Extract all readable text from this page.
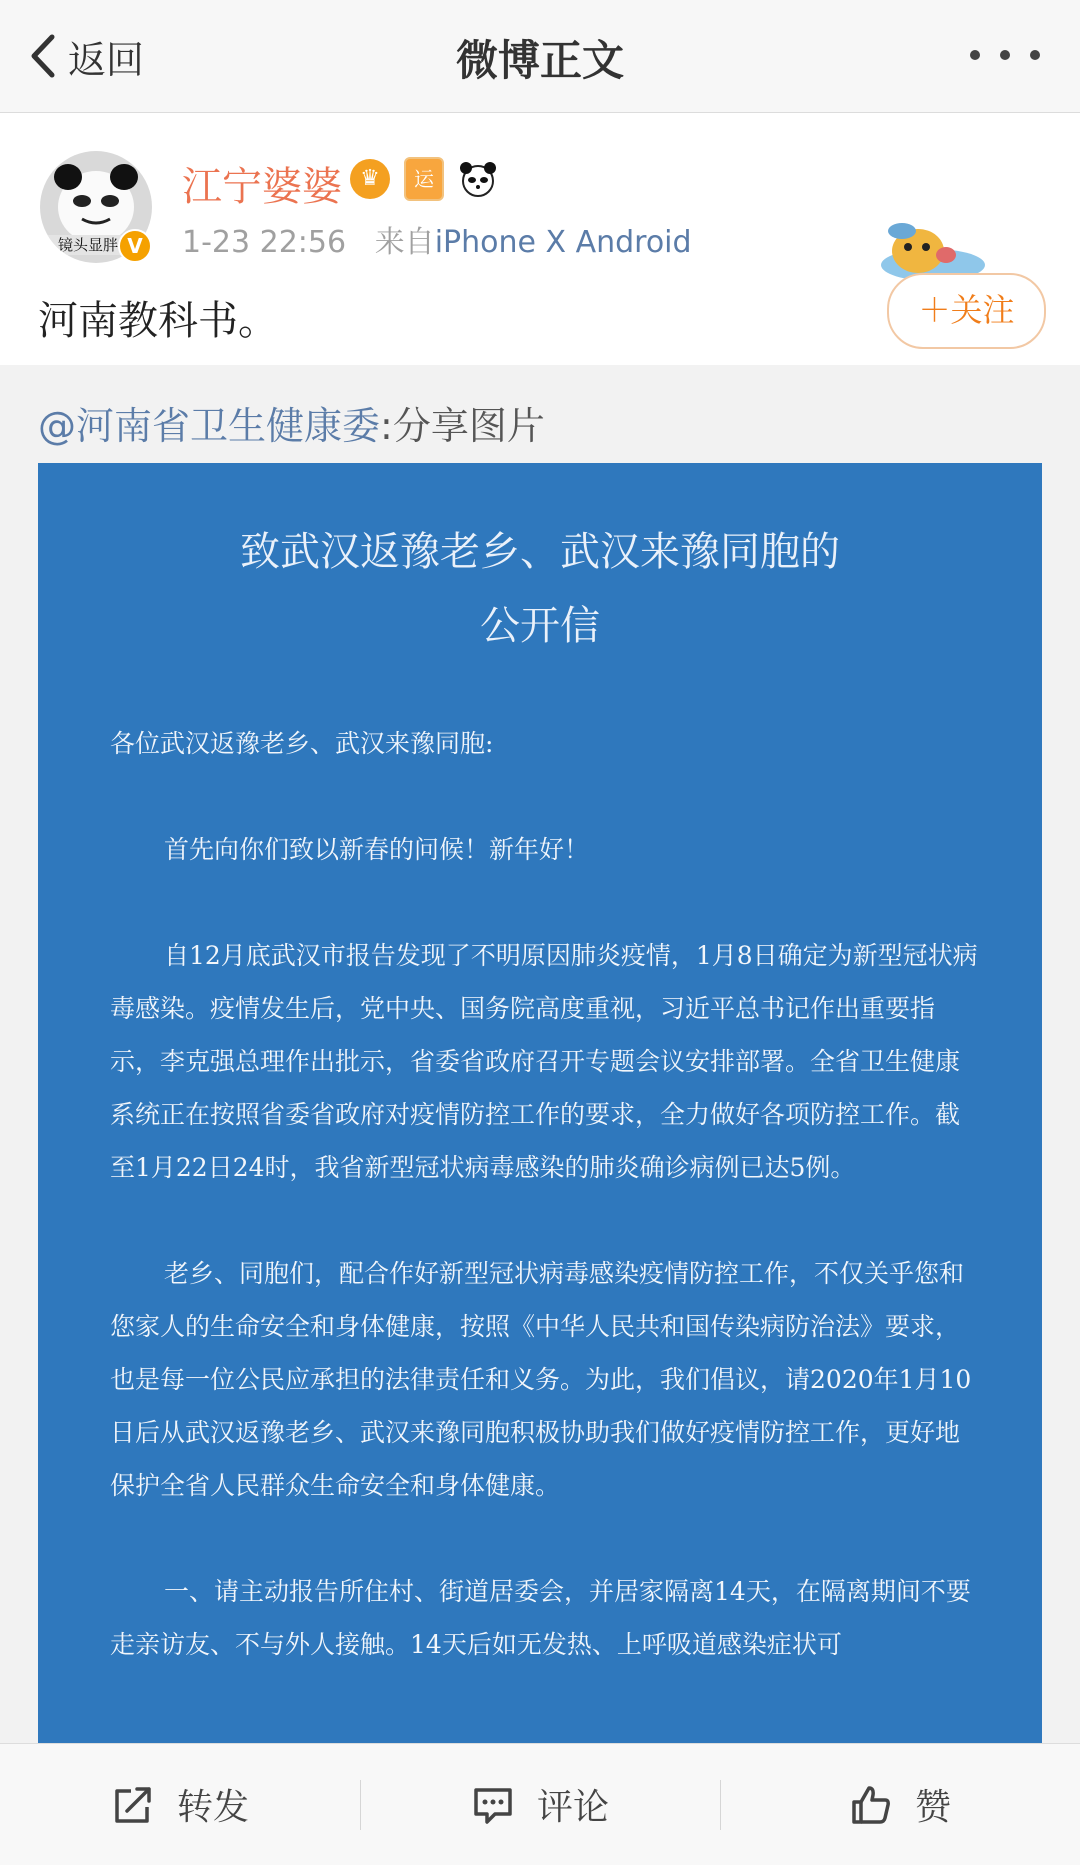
返回	微博正文
镜头显胖 V
江宁婆婆 ♛	运
1-23 22:56 来自iPhone X Android
＋关注
河南教科书。
@河南省卫生健康委:分享图片
致武汉返豫老乡、武汉来豫同胞的
公开信

各位武汉返豫老乡、武汉来豫同胞:

首先向你们致以新春的问候！新年好！

自12月底武汉市报告发现了不明原因肺炎疫情，1月8日确定为新型冠状病毒感染。疫情发生后，党中央、国务院高度重视，习近平总书记作出重要指示，李克强总理作出批示，省委省政府召开专题会议安排部署。全省卫生健康系统正在按照省委省政府对疫情防控工作的要求，全力做好各项防控工作。截至1月22日24时，我省新型冠状病毒感染的肺炎确诊病例已达5例。

老乡、同胞们，配合作好新型冠状病毒感染疫情防控工作，不仅关乎您和您家人的生命安全和身体健康，按照《中华人民共和国传染病防治法》要求，也是每一位公民应承担的法律责任和义务。为此，我们倡议，请2020年1月10日后从武汉返豫老乡、武汉来豫同胞积极协助我们做好疫情防控工作，更好地保护全省人民群众生命安全和身体健康。

一、请主动报告所住村、街道居委会，并居家隔离14天，在隔离期间不要走亲访友、不与外人接触。14天后如无发热、上呼吸道感染症状可

转发	评论	赞
